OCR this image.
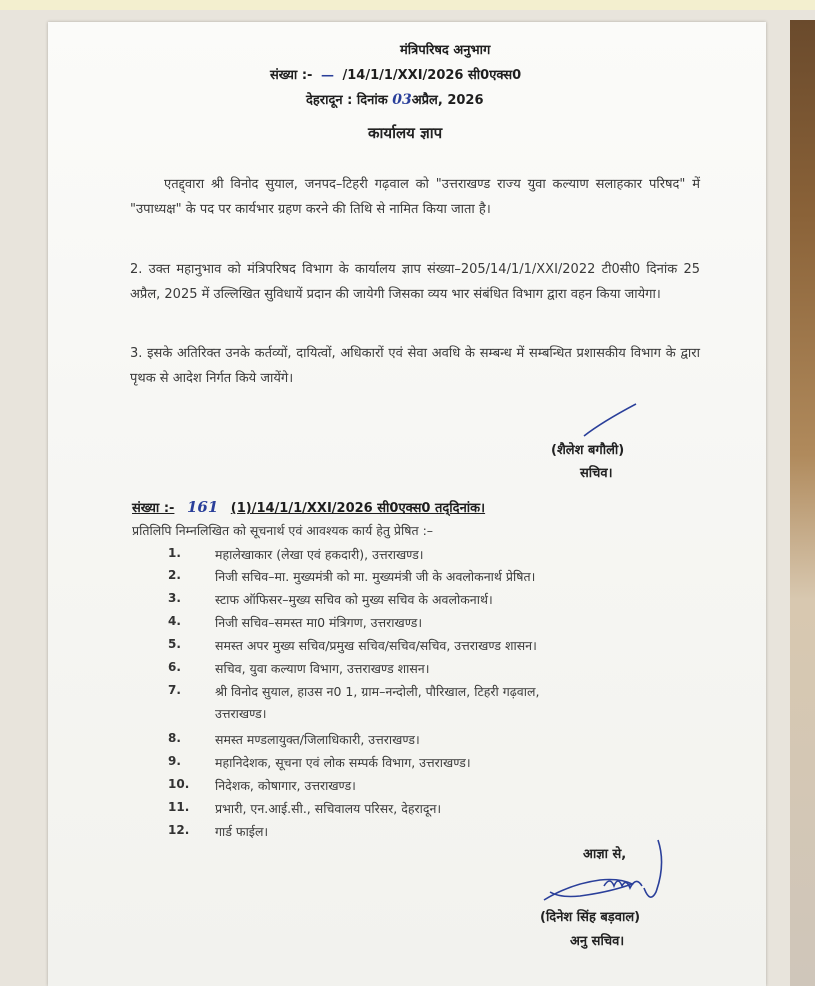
मंत्रिपरिषद अनुभाग
संख्या :- — /14/1/1/XXI/2026 सी0एक्स0
देहरादून : दिनांक 03अप्रैल, 2026
कार्यालय ज्ञाप
एतद्द्वारा श्री विनोद सुयाल, जनपद–टिहरी गढ़वाल को "उत्तराखण्ड राज्य युवा कल्याण सलाहकार परिषद" में "उपाध्यक्ष" के पद पर कार्यभार ग्रहण करने की तिथि से नामित किया जाता है।
2. उक्त महानुभाव को मंत्रिपरिषद विभाग के कार्यालय ज्ञाप संख्या–205/14/1/1/XXI/2022 टी0सी0 दिनांक 25 अप्रैल, 2025 में उल्लिखित सुविधायें प्रदान की जायेगी जिसका व्यय भार संबंधित विभाग द्वारा वहन किया जायेगा।
3. इसके अतिरिक्त उनके कर्तव्यों, दायित्वों, अधिकारों एवं सेवा अवधि के सम्बन्ध में सम्बन्धित प्रशासकीय विभाग के द्वारा पृथक से आदेश निर्गत किये जायेंगे।
(शैलेश बगौली)
सचिव।
संख्या :- 161 (1)/14/1/1/XXI/2026 सी0एक्स0 तद्‌दिनांक।
प्रतिलिपि निम्नलिखित को सूचनार्थ एवं आवश्यक कार्य हेतु प्रेषित :–
1.	महालेखाकार (लेखा एवं हकदारी), उत्तराखण्ड।
2.	निजी सचिव–मा. मुख्यमंत्री को मा. मुख्यमंत्री जी के अवलोकनार्थ प्रेषित।
3.	स्टाफ ऑफिसर–मुख्य सचिव को मुख्य सचिव के अवलोकनार्थ।
4.	निजी सचिव–समस्त मा0 मंत्रिगण, उत्तराखण्ड।
5.	समस्त अपर मुख्य सचिव/प्रमुख सचिव/सचिव/सचिव, उत्तराखण्ड शासन।
6.	सचिव, युवा कल्याण विभाग, उत्तराखण्ड शासन।
7.	श्री विनोद सुयाल, हाउस न0 1, ग्राम–नन्दोली, पौरिखाल, टिहरी गढ़वाल,
उत्तराखण्ड।
8.	समस्त मण्डलायुक्त/जिलाधिकारी, उत्तराखण्ड।
9.	महानिदेशक, सूचना एवं लोक सम्पर्क विभाग, उत्तराखण्ड।
10. निदेशक, कोषागार, उत्तराखण्ड।
11. प्रभारी, एन.आई.सी., सचिवालय परिसर, देहरादून।
12. गार्ड फाईल।
आज्ञा से,
(दिनेश सिंह बड़वाल)
अनु सचिव।
